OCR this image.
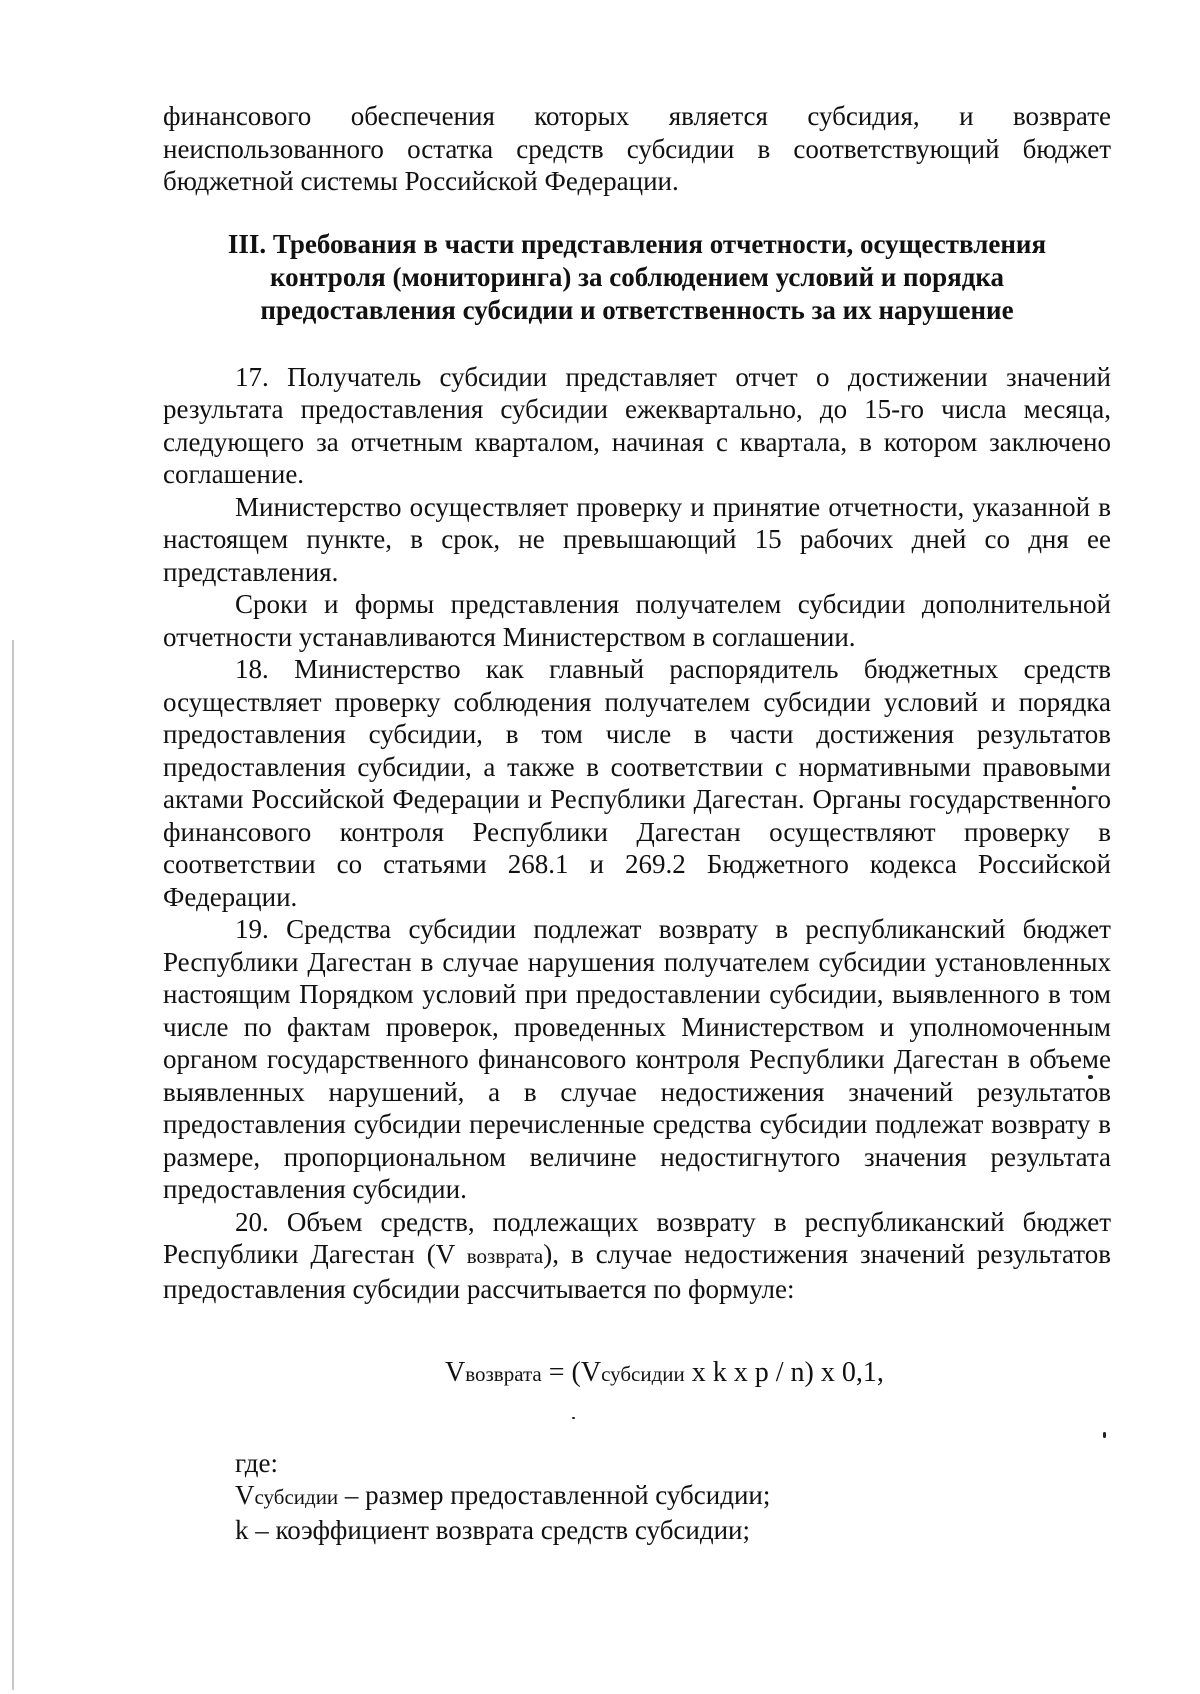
финансового обеспечения которых является субсидия, и возврате неиспользованного остатка средств субсидии в соответствующий бюджет бюджетной системы Российской Федерации.

III. Требования в части представления отчетности, осуществления
контроля (мониторинга) за соблюдением условий и порядка
предоставления субсидии и ответственность за их нарушение

17. Получатель субсидии представляет отчет о достижении значений результата предоставления субсидии ежеквартально, до 15-го числа месяца, следующего за отчетным кварталом, начиная с квартала, в котором заключено соглашение.

Министерство осуществляет проверку и принятие отчетности, указанной в настоящем пункте, в срок, не превышающий 15 рабочих дней со дня ее представления.

Сроки и формы представления получателем субсидии дополнительной отчетности устанавливаются Министерством в соглашении.

18. Министерство как главный распорядитель бюджетных средств осуществляет проверку соблюдения получателем субсидии условий и порядка предоставления субсидии, в том числе в части достижения результатов предоставления субсидии, а также в соответствии с нормативными правовыми актами Российской Федерации и Республики Дагестан. Органы государственного финансового контроля Республики Дагестан осуществляют проверку в соответствии со статьями 268.1 и 269.2 Бюджетного кодекса Российской Федерации.

19. Средства субсидии подлежат возврату в республиканский бюджет Республики Дагестан в случае нарушения получателем субсидии установленных настоящим Порядком условий при предоставлении субсидии, выявленного в том числе по фактам проверок, проведенных Министерством и уполномоченным органом государственного финансового контроля Республики Дагестан в объеме выявленных нарушений, а в случае недостижения значений результатов предоставления субсидии перечисленные средства субсидии подлежат возврату в размере, пропорциональном величине недостигнутого значения результата предоставления субсидии.

20. Объем средств, подлежащих возврату в республиканский бюджет Республики Дагестан (V возврата), в случае недостижения значений результатов предоставления субсидии рассчитывается по формуле:

Vвозврата = (Vсубсидии x k x p / n) x 0,1,
где:
Vсубсидии – размер предоставленной субсидии;
k – коэффициент возврата средств субсидии;
